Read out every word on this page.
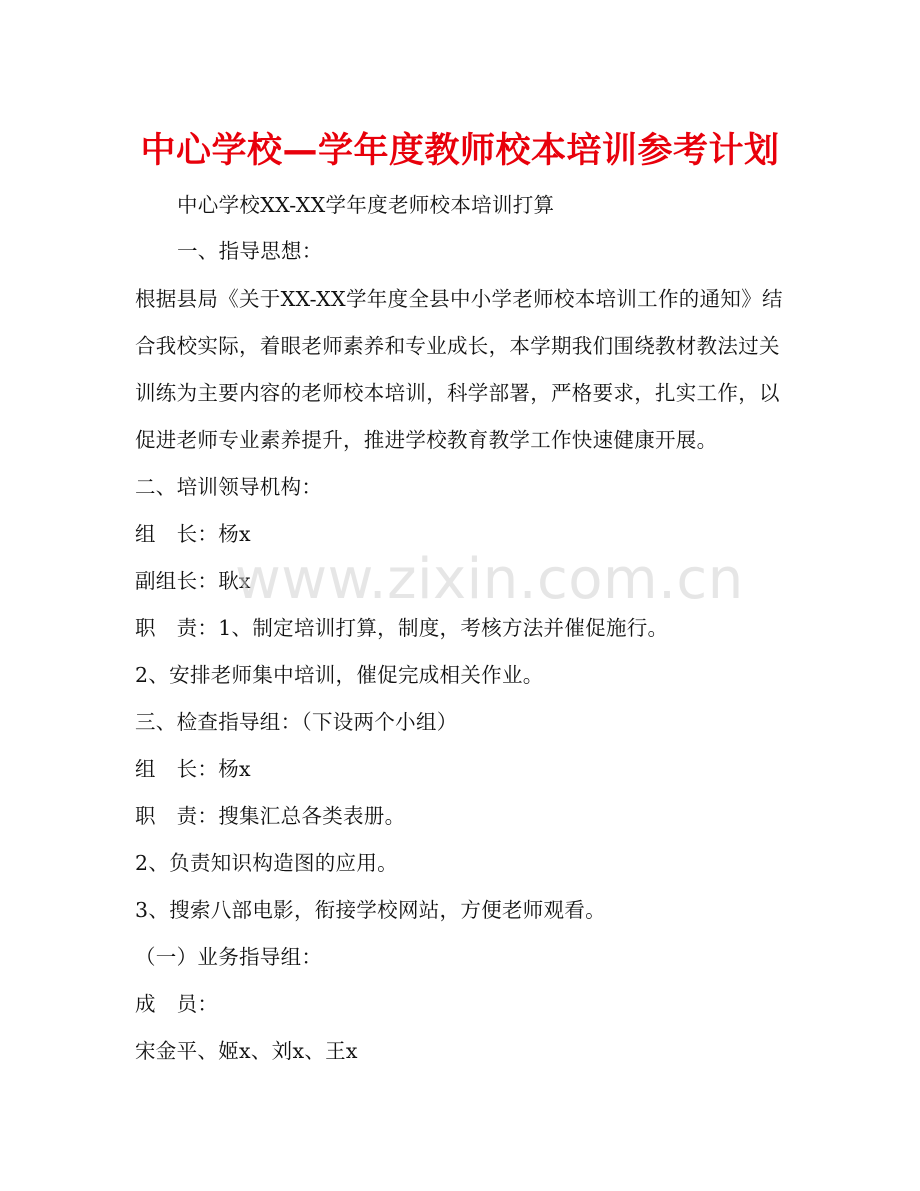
中心学校—学年度教师校本培训参考计划
中心学校XX-XX学年度老师校本培训打算
一、指导思想：
根据县局《关于XX-XX学年度全县中小学老师校本培训工作的通知》结
合我校实际，着眼老师素养和专业成长，本学期我们围绕教材教法过关
训练为主要内容的老师校本培训，科学部署，严格要求，扎实工作，以
促进老师专业素养提升，推进学校教育教学工作快速健康开展。
二、培训领导机构：
组　长：杨x
副组长：耿x
职　责：1、制定培训打算，制度，考核方法并催促施行。
2、安排老师集中培训，催促完成相关作业。
三、检查指导组：（下设两个小组）
组　长：杨x
职　责：搜集汇总各类表册。
2、负责知识构造图的应用。
3、搜索八部电影，衔接学校网站，方便老师观看。
（一）业务指导组：
成　员：
宋金平、姬x、刘x、王x
www.zixin.com.cn
